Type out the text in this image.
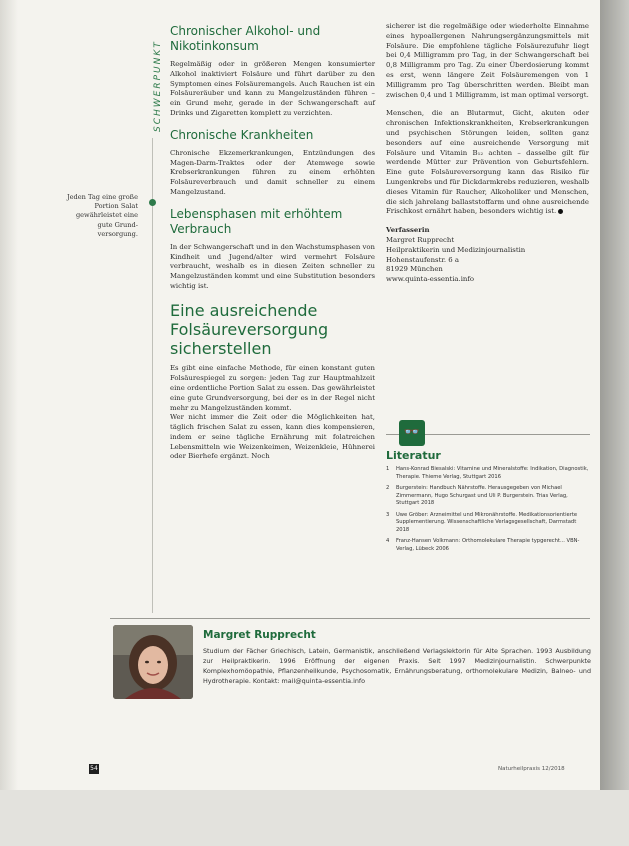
SCHWERPUNKT
Jeden Tag eine große Portion Salat gewährleistet eine gute Grund-versorgung.
Chronischer Alkohol- und Nikotinkonsum

Regelmäßig oder in größeren Mengen konsumierter Alkohol inaktiviert Folsäure und führt darüber zu den Symptomen eines Folsäuremangels. Auch Rauchen ist ein Folsäureräuber und kann zu Mangelzuständen führen – ein Grund mehr, gerade in der Schwangerschaft auf Drinks und Zigaretten komplett zu verzichten.

Chronische Krankheiten

Chronische Ekzemerkrankungen, Entzündungen des Magen-Darm-Traktes oder der Atemwege sowie Krebserkrankungen führen zu einem erhöhten Folsäureverbrauch und damit schneller zu einem Mangelzustand.

Lebensphasen mit erhöhtem Verbrauch

In der Schwangerschaft und in den Wachstumsphasen von Kindheit und Jugend/alter wird vermehrt Folsäure verbraucht, weshalb es in diesen Zeiten schneller zu Mangelzuständen kommt und eine Substitution besonders wichtig ist.

Eine ausreichende Folsäureversorgung sicherstellen

Es gibt eine einfache Methode, für einen konstant guten Folsäurespiegel zu sorgen: jeden Tag zur Hauptmahlzeit eine ordentliche Portion Salat zu essen. Das gewährleistet eine gute Grundversorgung, bei der es in der Regel nicht mehr zu Mangelzuständen kommt.

Wer nicht immer die Zeit oder die Möglichkeiten hat, täglich frischen Salat zu essen, kann dies kompensieren, indem er seine tägliche Ernährung mit folatreichen Lebensmitteln wie Weizenkeimen, Weizenkleie, Hühnerei oder Bierhefe ergänzt. Noch

sicherer ist die regelmäßige oder wiederholte Einnahme eines hypoallergenen Nahrungsergänzungsmittels mit Folsäure. Die empfohlene tägliche Folsäurezufuhr liegt bei 0,4 Milligramm pro Tag, in der Schwangerschaft bei 0,8 Milligramm pro Tag. Zu einer Überdosierung kommt es erst, wenn längere Zeit Folsäuremengen von 1 Milligramm pro Tag überschritten werden. Bleibt man zwischen 0,4 und 1 Milligramm, ist man optimal versorgt.

Menschen, die an Blutarmut, Gicht, akuten oder chronischen Infektionskrankheiten, Krebserkrankungen und psychischen Störungen leiden, sollten ganz besonders auf eine ausreichende Versorgung mit Folsäure und Vitamin B₁₂ achten – dasselbe gilt für werdende Mütter zur Prävention von Geburtsfehlern. Eine gute Folsäureversorgung kann das Risiko für Lungenkrebs und für Dickdarmkrebs reduzieren, weshalb dieses Vitamin für Raucher, Alkoholiker und Menschen, die sich jahrelang ballaststoffarm und ohne ausreichende Frischkost ernährt haben, besonders wichtig ist.

Verfasserin

Margret Rupprecht

Heilpraktikerin und Medizinjournalistin

Hohenstaufenstr. 6 a

81929 München

www.quinta-essentia.info

👓
Literatur
1	Hans-Konrad Biesalski: Vitamine und Mineralstoffe: Indikation, Diagnostik, Therapie. Thieme Verlag, Stuttgart 2016
2	Burgerstein: Handbuch Nährstoffe. Herausgegeben von Michael Zimmermann, Hugo Schurgast und Uli P. Burgerstein. Trias Verlag, Stuttgart 2018
3	Uwe Gröber: Arzneimittel und Mikronährstoffe. Medikationsorientierte Supplementierung. Wissenschaftliche Verlagsgesellschaft, Darmstadt 2018
4	Franz-Hansen Volkmann: Orthomolekulare Therapie typgerecht... VBN-Verlag, Lübeck 2006
Margret Rupprecht
Studium der Fächer Griechisch, Latein, Germanistik, anschließend Verlagslektorin für Alte Sprachen. 1993 Ausbildung zur Heilpraktikerin. 1996 Eröffnung der eigenen Praxis. Seit 1997 Medizinjournalistin. Schwerpunkte Komplexhomöopathie, Pflanzenheilkunde, Psychosomatik, Ernährungsberatung, orthomolekulare Medizin, Balneo- und Hydrotherapie. Kontakt: mail@quinta-essentia.info
54	Naturheilpraxis 12/2018
